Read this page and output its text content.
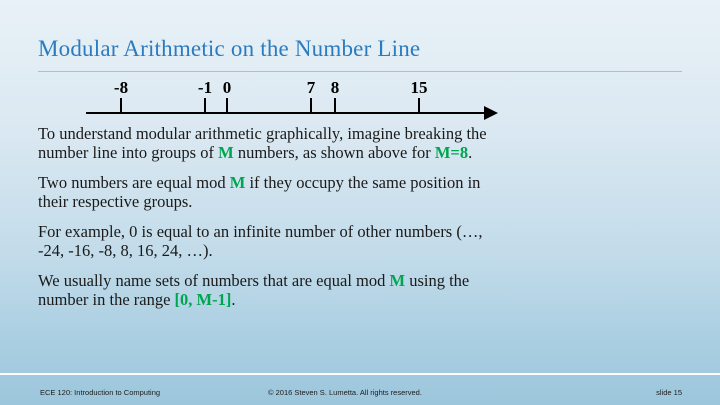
Modular Arithmetic on the Number Line
-8	-1 0	7 8	15
To understand modular arithmetic graphically, imagine breaking the number line into groups of M numbers, as shown above for M=8.
Two numbers are equal mod M if they occupy the same position in their respective groups.
For example, 0 is equal to an infinite number of other numbers (…, -24, -16, -8, 8, 16, 24, …).
We usually name sets of numbers that are equal mod M using the number in the range [0, M-1].
ECE 120: Introduction to Computing	© 2016 Steven S. Lumetta. All rights reserved.	slide 15
